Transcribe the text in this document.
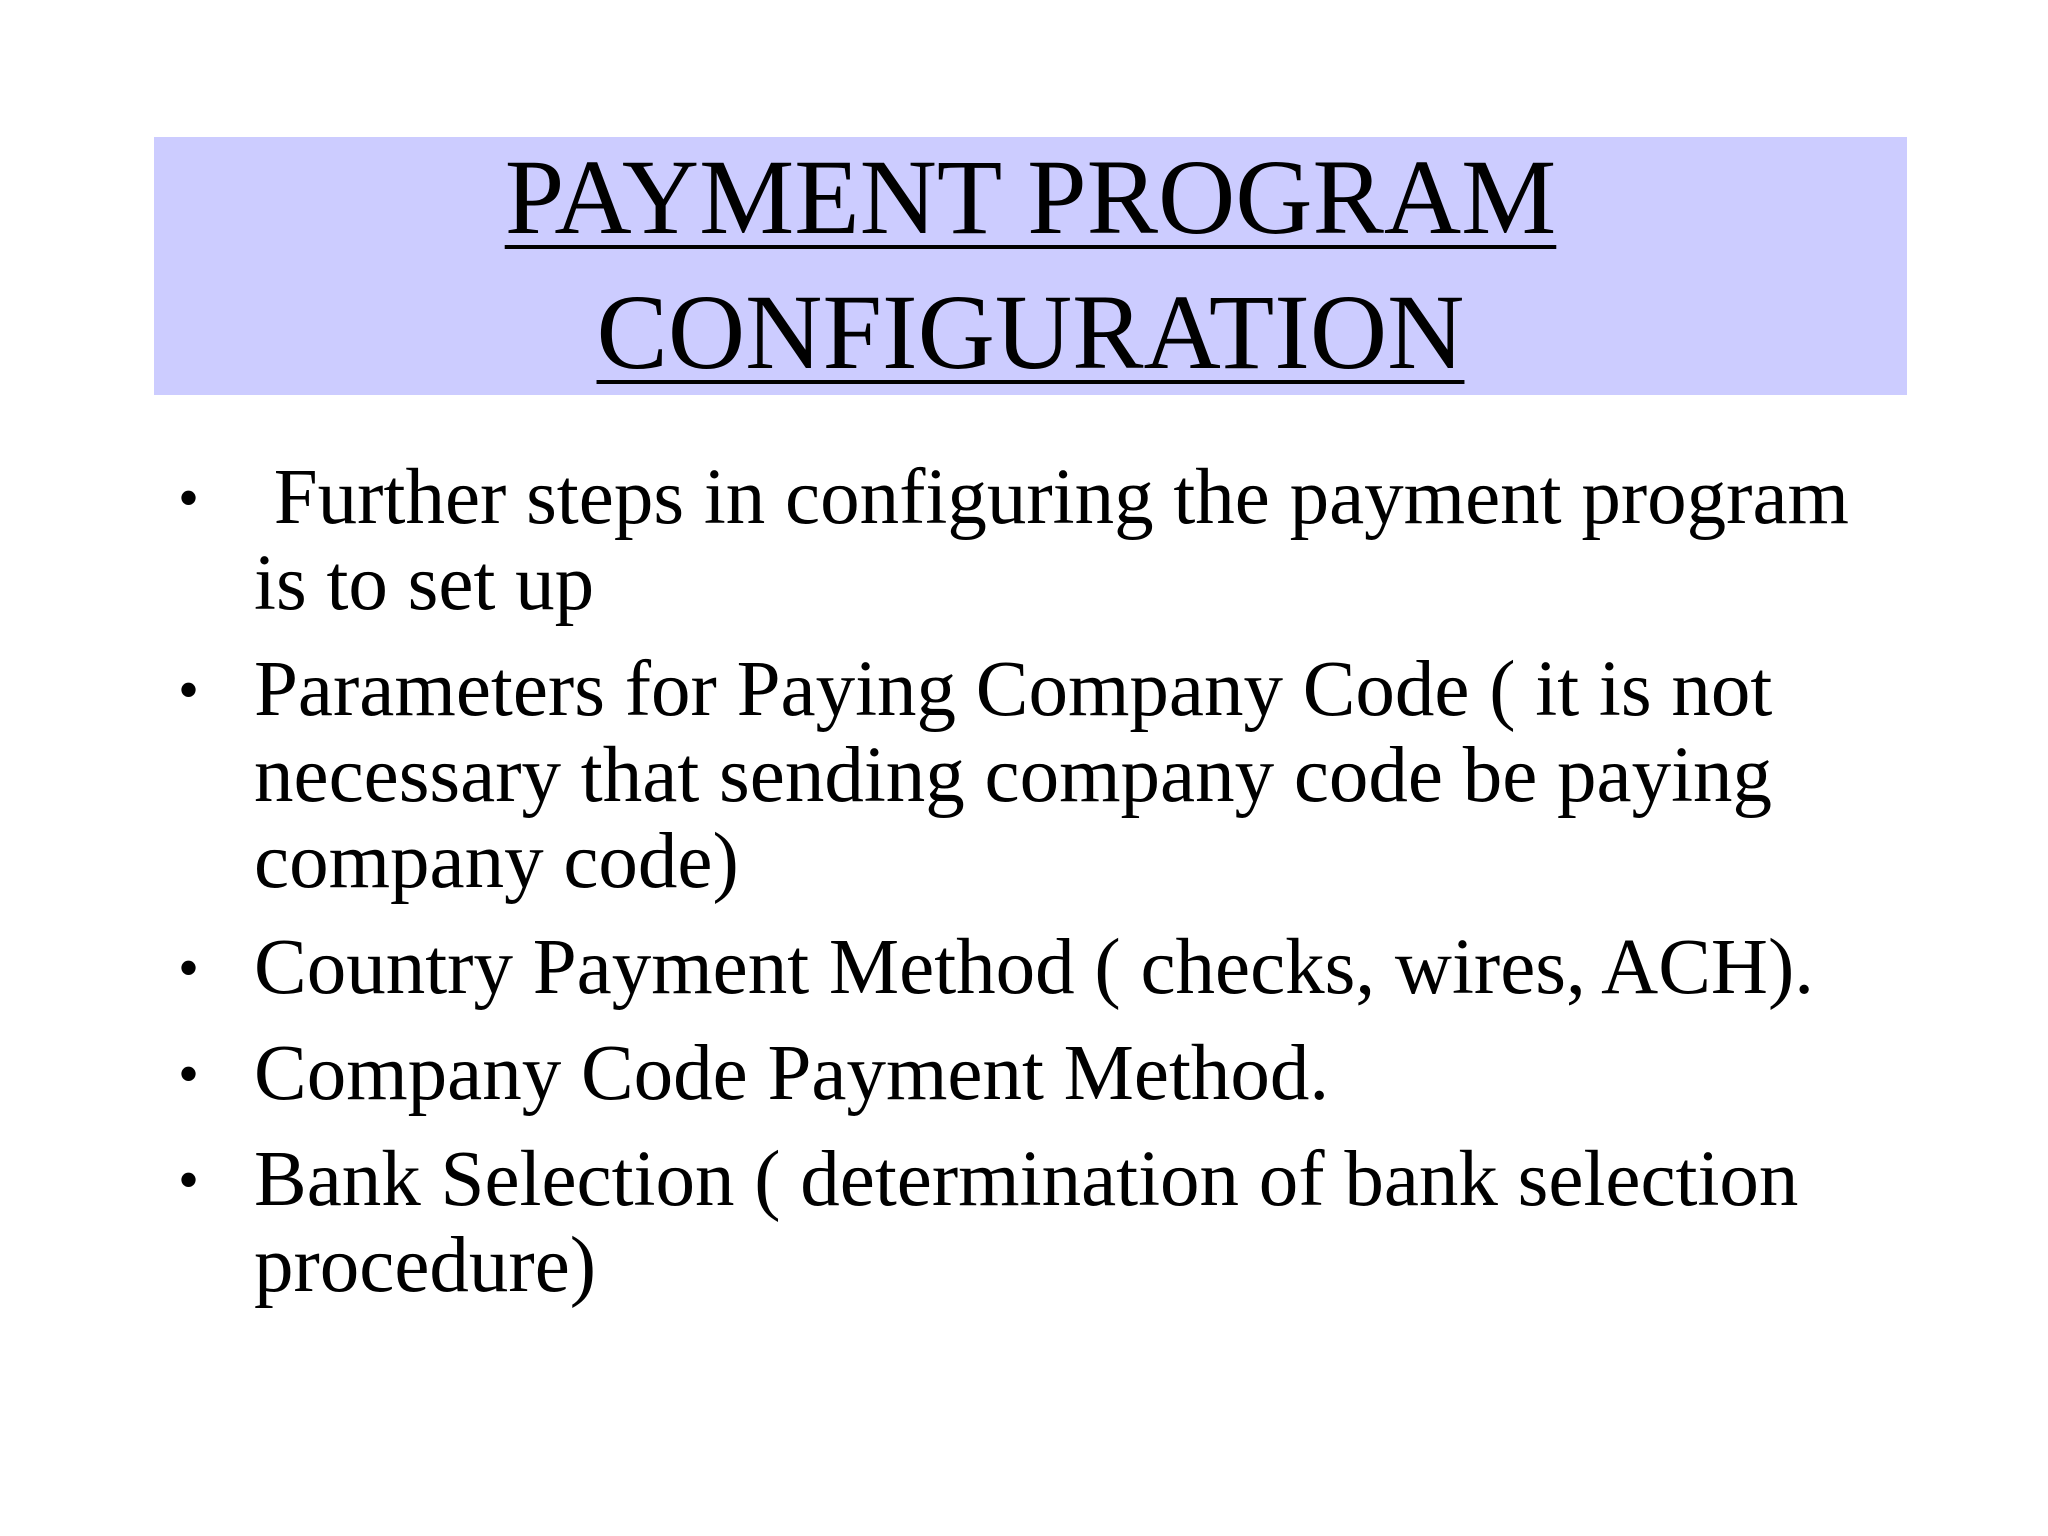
PAYMENT PROGRAM
CONFIGURATION
• Further steps in configuring the payment program is to set up
• Parameters for Paying Company Code ( it is not necessary that sending company code be paying company code)
• Country Payment Method ( checks, wires, ACH).
• Company Code Payment Method.
• Bank Selection ( determination of bank selection procedure)
